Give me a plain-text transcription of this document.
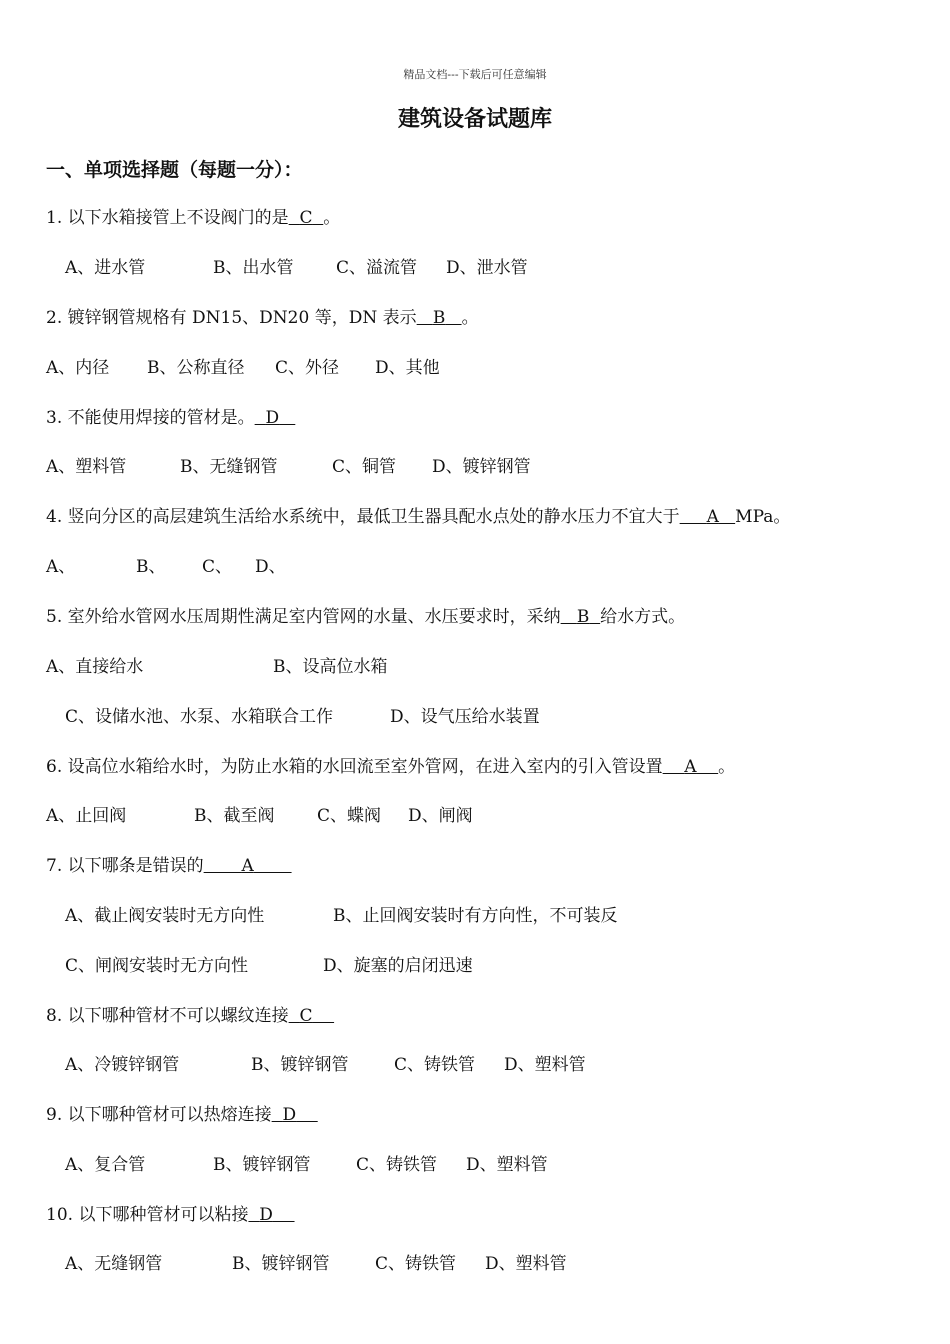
精品文档---下载后可任意编辑
建筑设备试题库
一、单项选择题（每题一分）：
1. 以下水箱接管上不设阀门的是 C 。
A、进水管	B、出水管	C、溢流管 D、泄水管
2. 镀锌钢管规格有 DN15、DN20 等，DN 表示 B 。
A、内径 B、公称直径 C、外径 D、其他
3. 不能使用焊接的管材是。 D
A、塑料管	B、无缝钢管	C、铜管 D、镀锌钢管
4. 竖向分区的高层建筑生活给水系统中，最低卫生器具配水点处的静水压力不宜大于 A MPa。
A、	B、 C、 D、
5. 室外给水管网水压周期性满足室内管网的水量、水压要求时，采纳 B 给水方式。
A、直接给水	B、设高位水箱
C、设储水池、水泵、水箱联合工作	D、设气压给水装置
6. 设高位水箱给水时，为防止水箱的水回流至室外管网，在进入室内的引入管设置 A 。
A、止回阀	B、截至阀	C、蝶阀 D、闸阀
7. 以下哪条是错误的 A
A、截止阀安装时无方向性	B、止回阀安装时有方向性，不可装反
C、闸阀安装时无方向性	D、旋塞的启闭迅速
8. 以下哪种管材不可以螺纹连接 C
A、冷镀锌钢管	B、镀锌钢管	C、铸铁管 D、塑料管
9. 以下哪种管材可以热熔连接 D
A、复合管	B、镀锌钢管	C、铸铁管 D、塑料管
10. 以下哪种管材可以粘接 D
A、无缝钢管	B、镀锌钢管	C、铸铁管 D、塑料管
